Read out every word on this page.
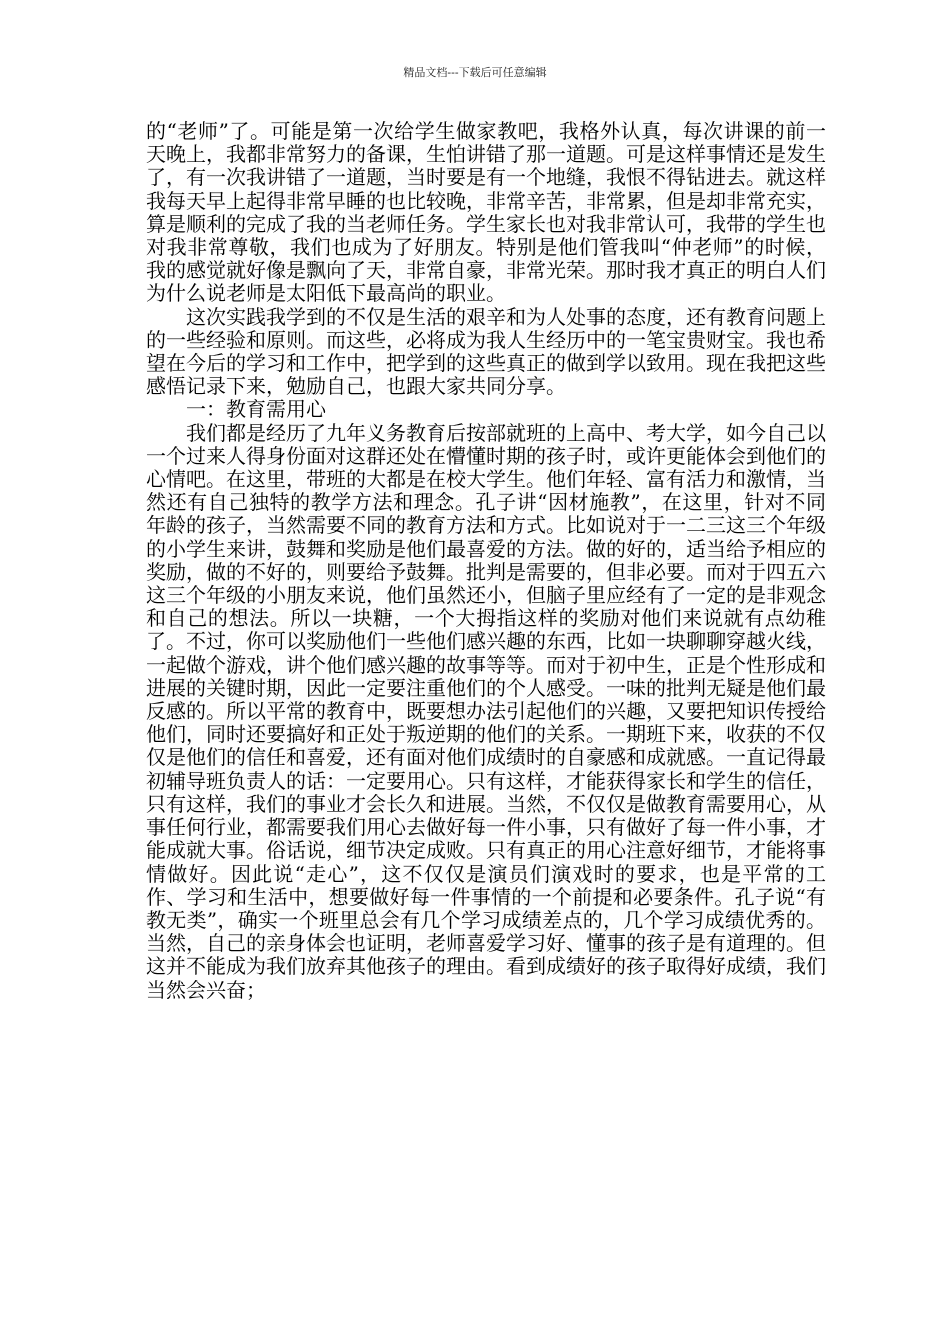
精品文档---下载后可任意编辑

的“老师”了。可能是第一次给学生做家教吧，我格外认真，每次讲课的前一天晚上，我都非常努力的备课，生怕讲错了那一道题。可是这样事情还是发生了，有一次我讲错了一道题，当时要是有一个地缝，我恨不得钻进去。就这样我每天早上起得非常早睡的也比较晚，非常辛苦，非常累，但是却非常充实，算是顺利的完成了我的当老师任务。学生家长也对我非常认可，我带的学生也对我非常尊敬，我们也成为了好朋友。特别是他们管我叫“仲老师”的时候，我的感觉就好像是飘向了天，非常自豪，非常光荣。那时我才真正的明白人们为什么说老师是太阳低下最高尚的职业。

这次实践我学到的不仅是生活的艰辛和为人处事的态度，还有教育问题上的一些经验和原则。而这些，必将成为我人生经历中的一笔宝贵财宝。我也希望在今后的学习和工作中，把学到的这些真正的做到学以致用。现在我把这些感悟记录下来，勉励自己，也跟大家共同分享。

一：教育需用心

我们都是经历了九年义务教育后按部就班的上高中、考大学，如今自己以一个过来人得身份面对这群还处在懵懂时期的孩子时，或许更能体会到他们的心情吧。在这里，带班的大都是在校大学生。他们年轻、富有活力和激情，当然还有自己独特的教学方法和理念。孔子讲“因材施教”，在这里，针对不同年龄的孩子，当然需要不同的教育方法和方式。比如说对于一二三这三个年级的小学生来讲，鼓舞和奖励是他们最喜爱的方法。做的好的，适当给予相应的奖励，做的不好的，则要给予鼓舞。批判是需要的，但非必要。而对于四五六这三个年级的小朋友来说，他们虽然还小，但脑子里应经有了一定的是非观念和自己的想法。所以一块糖，一个大拇指这样的奖励对他们来说就有点幼稚了。不过，你可以奖励他们一些他们感兴趣的东西，比如一块聊聊穿越火线，一起做个游戏，讲个他们感兴趣的故事等等。而对于初中生，正是个性形成和进展的关键时期，因此一定要注重他们的个人感受。一味的批判无疑是他们最反感的。所以平常的教育中，既要想办法引起他们的兴趣，又要把知识传授给他们，同时还要搞好和正处于叛逆期的他们的关系。一期班下来，收获的不仅仅是他们的信任和喜爱，还有面对他们成绩时的自豪感和成就感。一直记得最初辅导班负责人的话：一定要用心。只有这样，才能获得家长和学生的信任，只有这样，我们的事业才会长久和进展。当然，不仅仅是做教育需要用心，从事任何行业，都需要我们用心去做好每一件小事，只有做好了每一件小事，才能成就大事。俗话说，细节决定成败。只有真正的用心注意好细节，才能将事情做好。因此说“走心”，这不仅仅是演员们演戏时的要求，也是平常的工作、学习和生活中，想要做好每一件事情的一个前提和必要条件。孔子说“有教无类”，确实一个班里总会有几个学习成绩差点的，几个学习成绩优秀的。当然，自己的亲身体会也证明，老师喜爱学习好、懂事的孩子是有道理的。但这并不能成为我们放弃其他孩子的理由。看到成绩好的孩子取得好成绩，我们当然会兴奋；
